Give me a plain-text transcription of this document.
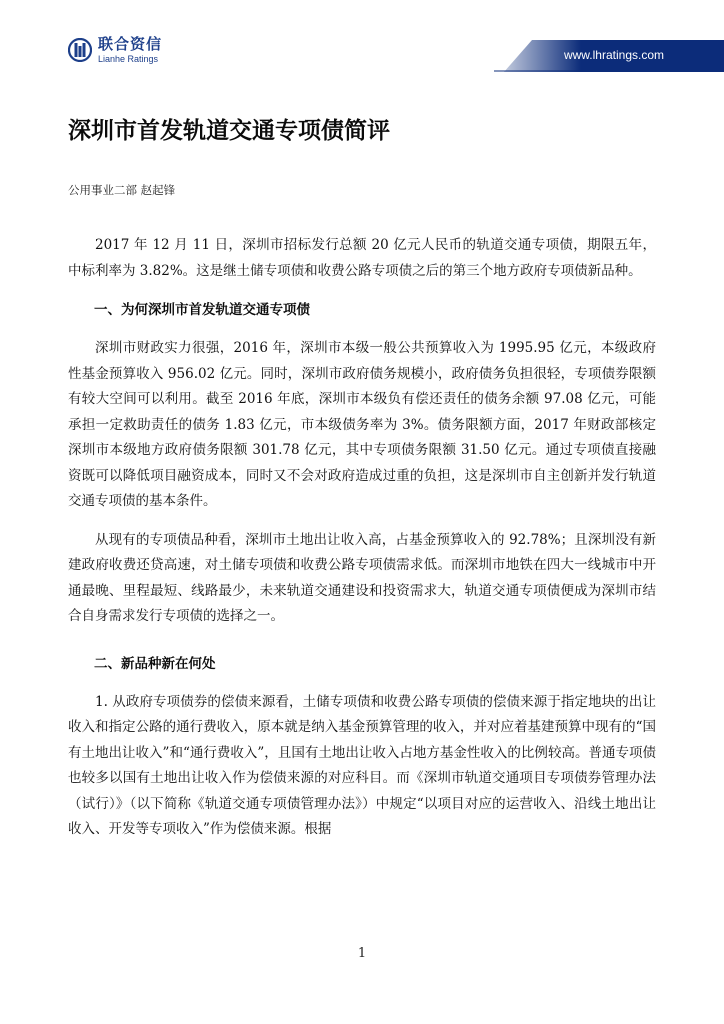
联合资信
Lianhe Ratings	www.lhratings.com
深圳市首发轨道交通专项债简评
公用事业二部 赵起锋

2017 年 12 月 11 日，深圳市招标发行总额 20 亿元人民币的轨道交通专项债，期限五年，中标利率为 3.82%。这是继土储专项债和收费公路专项债之后的第三个地方政府专项债新品种。

一、为何深圳市首发轨道交通专项债

深圳市财政实力很强，2016 年，深圳市本级一般公共预算收入为 1995.95 亿元，本级政府性基金预算收入 956.02 亿元。同时，深圳市政府债务规模小，政府债务负担很轻，专项债券限额有较大空间可以利用。截至 2016 年底，深圳市本级负有偿还责任的债务余额 97.08 亿元，可能承担一定救助责任的债务 1.83 亿元，市本级债务率为 3%。债务限额方面，2017 年财政部核定深圳市本级地方政府债务限额 301.78 亿元，其中专项债务限额 31.50 亿元。通过专项债直接融资既可以降低项目融资成本，同时又不会对政府造成过重的负担，这是深圳市自主创新并发行轨道交通专项债的基本条件。

从现有的专项债品种看，深圳市土地出让收入高，占基金预算收入的 92.78%；且深圳没有新建政府收费还贷高速，对土储专项债和收费公路专项债需求低。而深圳市地铁在四大一线城市中开通最晚、里程最短、线路最少，未来轨道交通建设和投资需求大，轨道交通专项债便成为深圳市结合自身需求发行专项债的选择之一。

二、新品种新在何处

1. 从政府专项债券的偿债来源看，土储专项债和收费公路专项债的偿债来源于指定地块的出让收入和指定公路的通行费收入，原本就是纳入基金预算管理的收入，并对应着基建预算中现有的“国有土地出让收入”和“通行费收入”，且国有土地出让收入占地方基金性收入的比例较高。普通专项债也较多以国有土地出让收入作为偿债来源的对应科目。而《深圳市轨道交通项目专项债券管理办法（试行）》（以下简称《轨道交通专项债管理办法》）中规定“以项目对应的运营收入、沿线土地出让收入、开发等专项收入”作为偿债来源。根据

1
